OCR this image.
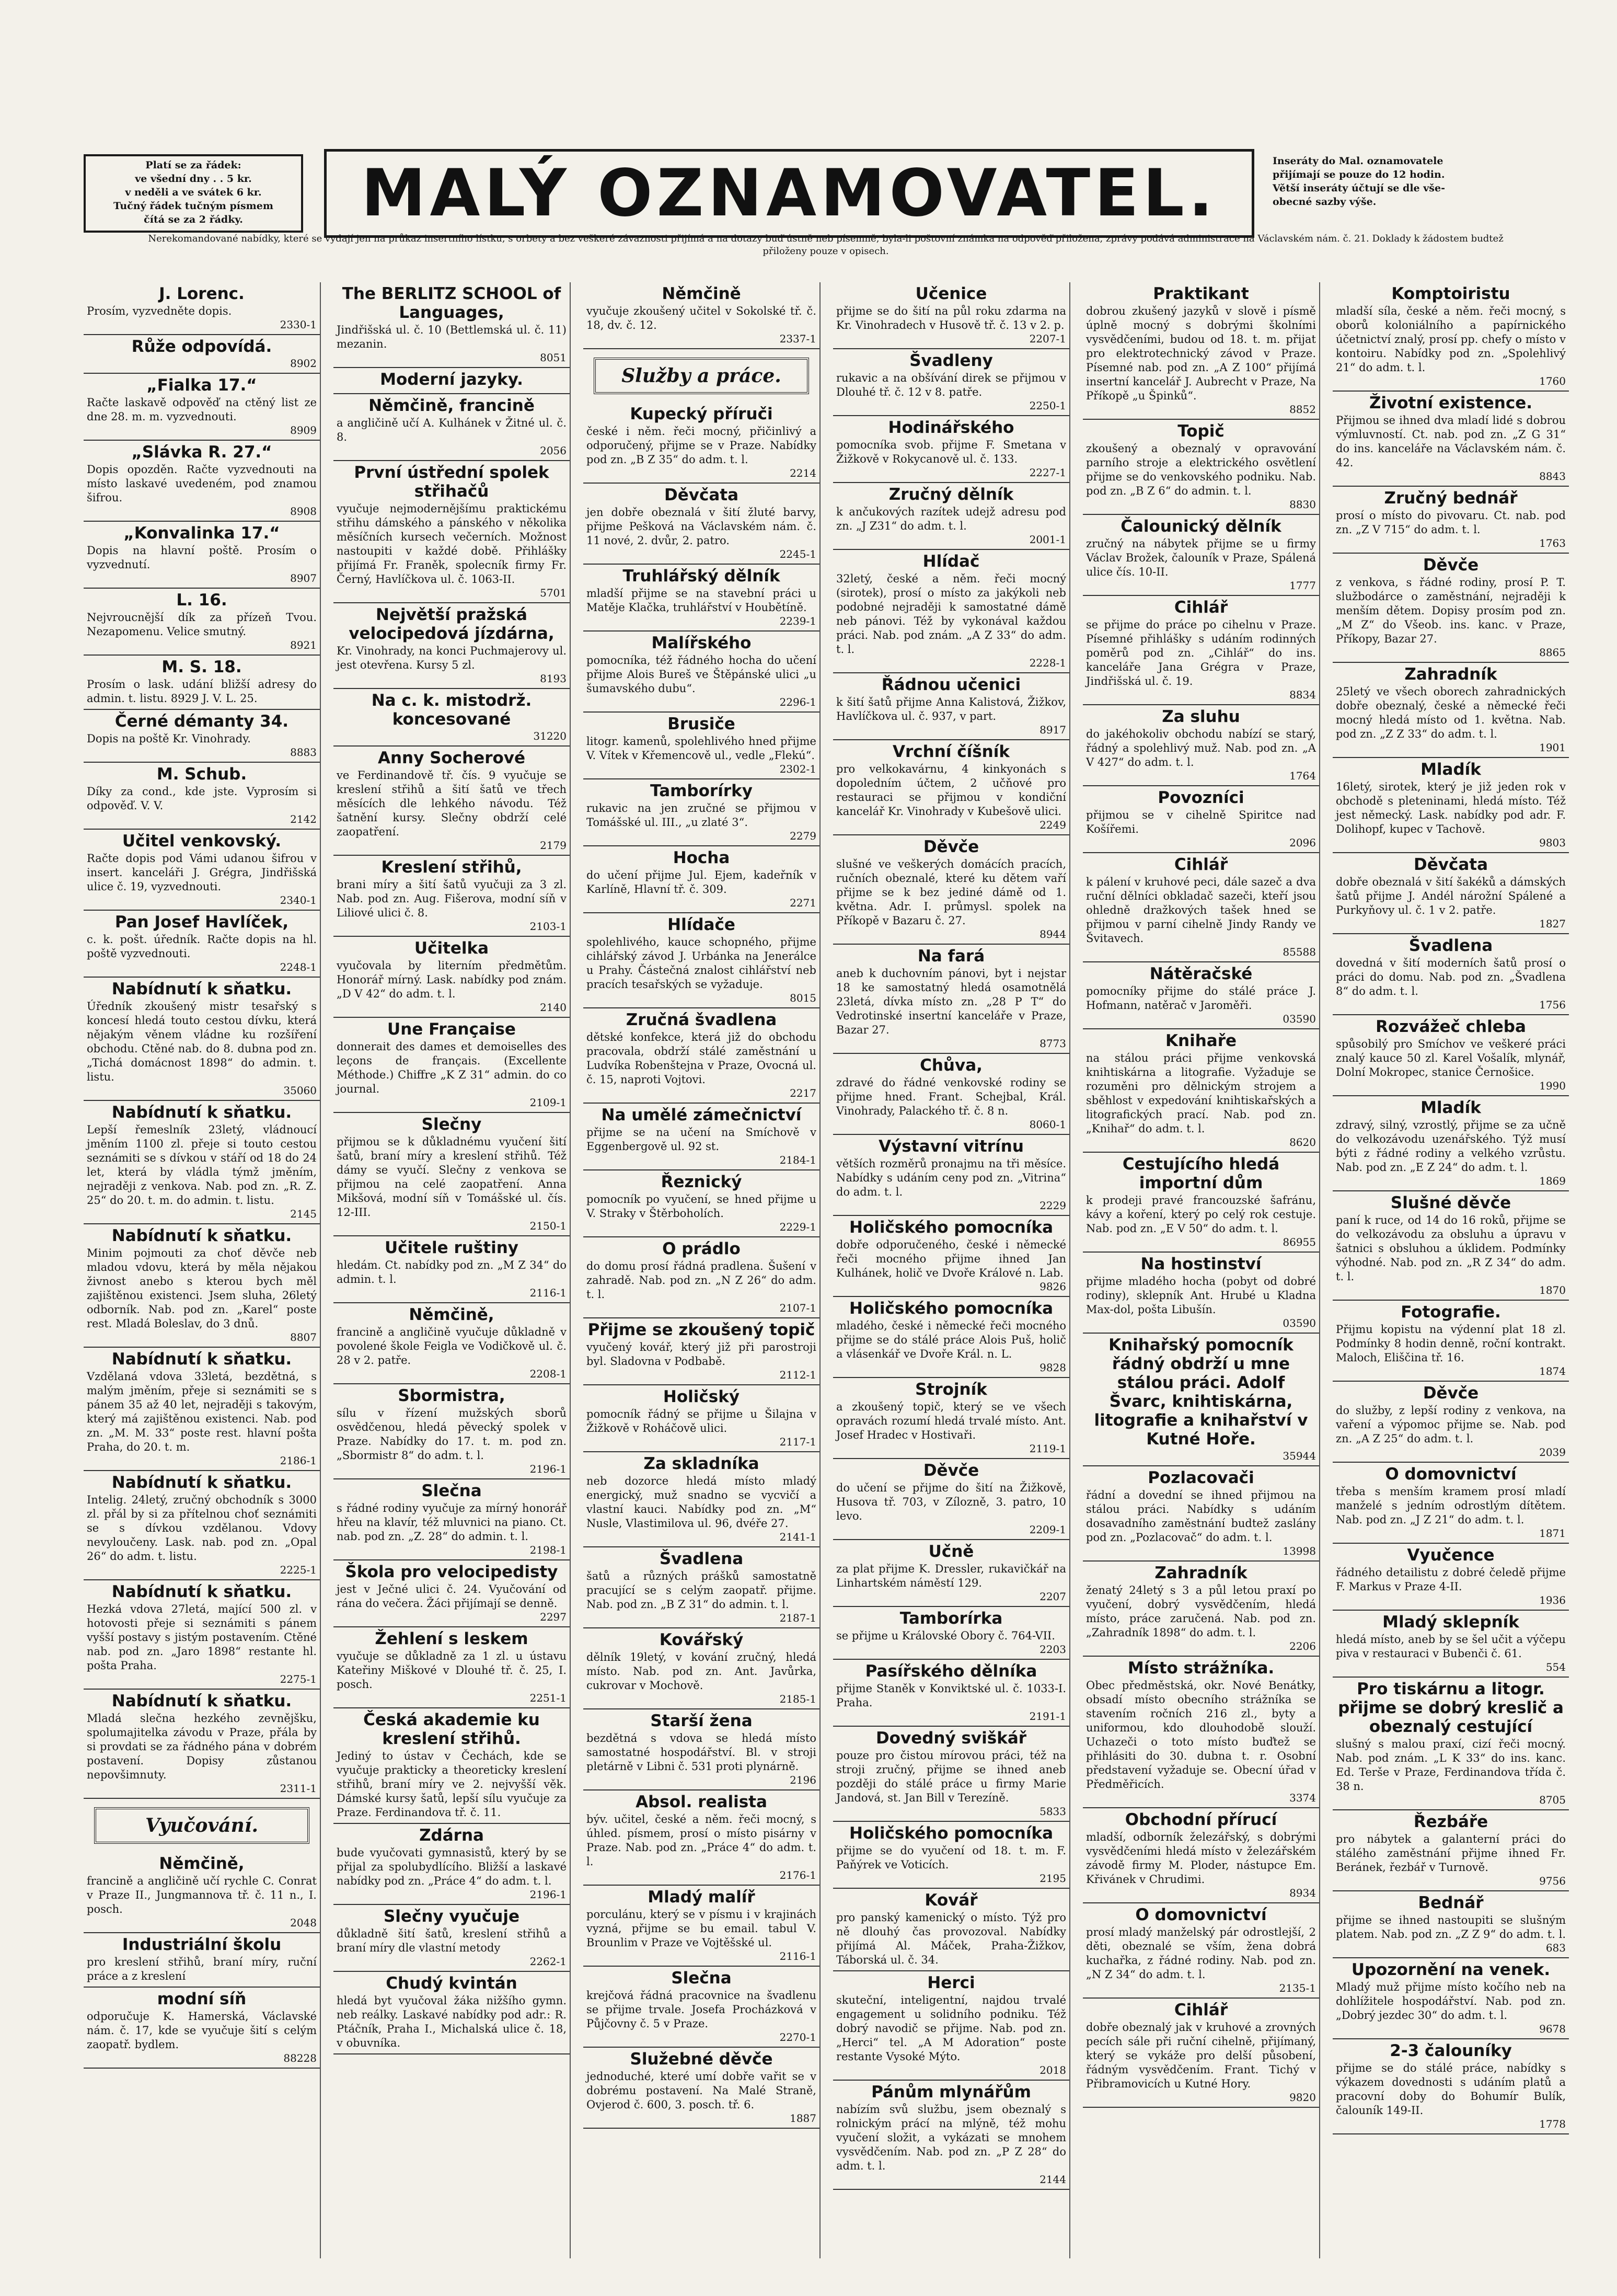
Platí se za řádek:
ve všední dny . . 5 kr.
v neděli a ve svátek 6 kr.
Tučný řádek tučným písmem
čítá se za 2 řádky.	MALÝ OZNAMOVATEL.	Inseráty do Mal. oznamovatele
přijímají se pouze do 12 hodin.
Větší inseráty účtují se dle vše-
obecné sazby výše.
Nerekomandované nabídky, které se vydají jen na průkaz insertního lístku, s orbety a bez veškeré závaznosti přijímá a na dotazy buď ústně neb písemně, byla-li poštovní známka na odpověď přiložena, zprávy podává administrace na Václavském nám. č. 21. Doklady k žádostem budtež přiloženy pouze v opisech.
J. Lorenc.

Prosím, vyzvedněte dopis.

2330-1
Růže odpovídá.
8902
„Fialka 17.“

Račte laskavě odpověď na ctěný list ze dne 28. m. m. vyzvednouti.

8909
„Slávka R. 27.“

Dopis opozděn. Račte vyzvednouti na místo laskavé uvedeném, pod znamou šifrou.

8908
„Konvalinka 17.“

Dopis na hlavní poště. Prosím o vyzvednutí.

8907
L. 16.

Nejvroucnější dík za přízeň Tvou. Nezapomenu. Velice smutný.

8921
M. S. 18.

Prosím o lask. udání bližší adresy do admin. t. listu. 8929 J. V. L. 25.

Černé démanty 34.

Dopis na poště Kr. Vinohrady.

8883
M. Schub.

Díky za cond., kde jste. Vyprosím si odpověď. V. V.

2142
Učitel venkovský.

Račte dopis pod Vámi udanou šifrou v insert. kanceláři J. Grégra, Jindřišská ulice č. 19, vyzvednouti.

2340-1
Pan Josef Havlíček,

c. k. pošt. úředník. Račte dopis na hl. poště vyzvednouti.

2248-1
Nabídnutí k sňatku.

Úředník zkoušený mistr tesařský s koncesí hledá touto cestou dívku, která nějakým věnem vládne ku rozšíření obchodu. Ctěné nab. do 8. dubna pod zn. „Tichá domácnost 1898“ do admin. t. listu.

35060
Nabídnutí k sňatku.

Lepší řemeslník 23letý, vládnoucí jměním 1100 zl. přeje si touto cestou seznámiti se s dívkou v stáří od 18 do 24 let, která by vládla týmž jměním, nejraději z venkova. Nab. pod zn. „R. Z. 25“ do 20. t. m. do admin. t. listu.

2145
Nabídnutí k sňatku.

Minim pojmouti za choť děvče neb mladou vdovu, která by měla nějakou živnost anebo s kterou bych měl zajištěnou existenci. Jsem sluha, 26letý odborník. Nab. pod zn. „Karel“ poste rest. Mladá Boleslav, do 3 dnů.

8807
Nabídnutí k sňatku.

Vzdělaná vdova 33letá, bezdětná, s malým jměním, přeje si seznámiti se s pánem 35 až 40 let, nejraději s takovým, který má zajištěnou existenci. Nab. pod zn. „M. M. 33“ poste rest. hlavní pošta Praha, do 20. t. m.

2186-1
Nabídnutí k sňatku.

Intelig. 24letý, zručný obchodník s 3000 zl. přál by si za přítelnou choť seznámiti se s dívkou vzdělanou. Vdovy nevyloučeny. Lask. nab. pod zn. „Opal 26“ do adm. t. listu.

2225-1
Nabídnutí k sňatku.

Hezká vdova 27letá, mající 500 zl. v hotovosti přeje si seznámiti s pánem vyšší postavy s jistým postavením. Ctěné nab. pod zn. „Jaro 1898“ restante hl. pošta Praha.

2275-1
Nabídnutí k sňatku.

Mladá slečna hezkého zevnějšku, spolumajitelka závodu v Praze, přála by si provdati se za řádného pána v dobrém postavení. Dopisy zůstanou nepovšimnuty.

2311-1
Vyučování.
Němčině,

francině a angličině učí rychle C. Conrat v Praze II., Jungmannova tř. č. 11 n., I. posch.

2048
Industriální školu

pro kreslení střihů, braní míry, ruční práce a z kreslení

modní síň

odporučuje K. Hamerská, Václavské nám. č. 17, kde se vyučuje šití s celým zaopatř. bydlem.

88228
The BERLITZ SCHOOL of Languages,

Jindřišská ul. č. 10 (Bettlemská ul. č. 11) mezanin.

8051
Moderní jazyky.
Němčině, francině

a angličině učí A. Kulhánek v Žitné ul. č. 8.

2056
První ústřední spolek střihačů

vyučuje nejmodernějšímu praktickému střihu dámského a pánského v několika měsíčních kursech večerních. Možnost nastoupiti v každé době. Přihlášky přijímá Fr. Franěk, spolecník firmy Fr. Černý, Havlíčkova ul. č. 1063-II.

5701
Největší pražská velocipedová jízdárna,

Kr. Vinohrady, na konci Puchmajerovy ul. jest otevřena. Kursy 5 zl.

8193
Na c. k. mistodrž. koncesované
31220
Anny Socherové

ve Ferdinandově tř. čís. 9 vyučuje se kreslení střihů a šití šatů ve třech měsících dle lehkého návodu. Též šatnění kursy. Slečny obdrží celé zaopatření.

2179
Kreslení střihů,

brani míry a šití šatů vyučuji za 3 zl. Nab. pod zn. Aug. Fišerova, modní síň v Liliové ulici č. 8.

2103-1
Učitelka

vyučovala by literním předmětům. Honorář mírný. Lask. nabídky pod znám. „D V 42“ do adm. t. l.

2140
Une Française

donnerait des dames et demoiselles des leçons de français. (Excellente Méthode.) Chiffre „K Z 31“ admin. do co journal.

2109-1
Slečny

přijmou se k důkladnému vyučení šití šatů, braní míry a kreslení střihů. Též dámy se vyučí. Slečny z venkova se přijmou na celé zaopatření. Anna Mikšová, modní síň v Tomášské ul. čís. 12-III.

2150-1
Učitele ruštiny

hledám. Ct. nabídky pod zn. „M Z 34“ do admin. t. l.

2116-1
Němčině,

francině a angličině vyučuje důkladně v povolené škole Feigla ve Vodičkově ul. č. 28 v 2. patře.

2208-1
Sbormistra,

sílu v řízení mužských sborů osvědčenou, hledá pěvecký spolek v Praze. Nabídky do 17. t. m. pod zn. „Sbormistr 8“ do adm. t. l.

2196-1
Slečna

s řádné rodiny vyučuje za mírný honorář hřeu na klavír, též mluvnici na piano. Ct. nab. pod zn. „Z. 28“ do admin. t. l.

2198-1
Škola pro velocipedisty

jest v Ječné ulici č. 24. Vyučování od rána do večera. Žáci přijímají se denně.

2297
Žehlení s leskem

vyučuje se důkladně za 1 zl. u ústavu Kateřiny Miškové v Dlouhé tř. č. 25, I. posch.

2251-1
Česká akademie ku kreslení střihů.

Jediný to ústav v Čechách, kde se vyučuje prakticky a theoreticky kreslení střihů, braní míry ve 2. nejvyšší věk. Dámské kursy šatů, lepší sílu vyučuje za Praze. Ferdinandova tř. č. 11.

Zdárna

bude vyučovati gymnasistů, který by se přijal za spolubydlícího. Bližší a laskavé nabídky pod zn. „Práce 4“ do adm. t. l.

2196-1
Slečny vyučuje

důkladně šití šatů, kreslení střihů a braní míry dle vlastní metody

2262-1
Chudý kvintán

hledá byt vyučoval žáka nižšího gymn. neb reálky. Laskavé nabídky pod adr.: R. Ptáčník, Praha I., Michalská ulice č. 18, v obuvníka.

Němčině

vyučuje zkoušený učitel v Sokolské tř. č. 18, dv. č. 12.

2337-1
Služby a práce.
Kupecký příruči

české i něm. řeči mocný, přičinlivý a odporučený, přijme se v Praze. Nabídky pod zn. „B Z 35“ do adm. t. l.

2214
Děvčata

jen dobře obeznalá v šití žluté barvy, přijme Pešková na Václavském nám. č. 11 nové, 2. dvůr, 2. patro.

2245-1
Truhlářský dělník

mladší přijme se na stavební práci u Matěje Klačka, truhlářství v Houbětíně.

2239-1
Malířského

pomocníka, též řádného hocha do učení přijme Alois Bureš ve Štěpánské ulici „u šumavského dubu“.

2296-1
Brusiče

litogr. kamenů, spolehlivého hned přijme V. Vítek v Křemencově ul., vedle „Flekú“.

2302-1
Tamborírky

rukavic na jen zručné se přijmou v Tomášské ul. III., „u zlaté 3“.

2279
Hocha

do učení přijme Jul. Ejem, kadeřník v Karlíně, Hlavní tř. č. 309.

2271
Hlídače

spolehlivého, kauce schopného, přijme cihlářský závod J. Urbánka na Jenerálce u Prahy. Částečná znalost cihlářství neb pracích tesařských se vyžaduje.

8015
Zručná švadlena

dětské konfekce, která již do obchodu pracovala, obdrží stálé zaměstnání u Ludvíka Robenštejna v Praze, Ovocná ul. č. 15, naproti Vojtovi.

2217
Na umělé zámečnictví

přijme se na učení na Smíchově v Eggenbergově ul. 92 st.

2184-1
Řeznický

pomocník po vyučení, se hned přijme u V. Straky v Štěrboholích.

2229-1
O prádlo

do domu prosí řádná pradlena. Šušení v zahradě. Nab. pod zn. „N Z 26“ do adm. t. l.

2107-1
Přijme se zkoušený topič

vyučený kovář, který již při parostroji byl. Sladovna v Podbabě.

2112-1
Holičský

pomocník řádný se přijme u Šilajna v Žižkově v Roháčově ulici.

2117-1
Za skladníka

neb dozorce hledá místo mladý energický, muž snadno se vycvičí a vlastní kauci. Nabídky pod zn. „M“ Nusle, Vlastimilova ul. 96, dvéře 27.

2141-1
Švadlena

šatů a různých prášků samostatně pracující se s celým zaopatř. přijme. Nab. pod zn. „B Z 31“ do admin. t. l.

2187-1
Kovářský

dělník 19letý, v kování zručný, hledá místo. Nab. pod zn. Ant. Javůrka, cukrovar v Mochově.

2185-1
Starší žena

bezdětná s vdova se hledá místo samostatné hospodářství. Bl. v stroji pletárně v Libni č. 531 proti plynárně.

2196
Absol. realista

býv. učitel, české a něm. řeči mocný, s úhled. písmem, prosí o místo pisárny v Praze. Nab. pod zn. „Práce 4“ do adm. t. l.

2176-1
Mladý malíř

porculánu, který se v písmu i v krajinách vyzná, přijme se bu email. tabul V. Brounlim v Praze ve Vojtěšské ul.

2116-1
Slečna

krejčová řádná pracovnice na švadlenu se přijme trvale. Josefa Procházková v Půjčovny č. 5 v Praze.

2270-1
Služebné děvče

jednoduché, které umí dobře vařit se v dobrému postavení. Na Malé Straně, Ovjerod č. 600, 3. posch. tř. 6.

1887
Učenice

přijme se do šití na půl roku zdarma na Kr. Vinohradech v Husově tř. č. 13 v 2. p.

2207-1
Švadleny

rukavic a na obšívání direk se přijmou v Dlouhé tř. č. 12 v 8. patře.

2250-1
Hodinářského

pomocníka svob. přijme F. Smetana v Žižkově v Rokycanově ul. č. 133.

2227-1
Zručný dělník

k ančukových razítek udejž adresu pod zn. „J Z31“ do adm. t. l.

2001-1
Hlídač

32letý, české a něm. řeči mocný (sirotek), prosí o místo za jakýkoli neb podobné nejraději k samostatné dámě neb pánovi. Též by vykonával každou práci. Nab. pod znám. „A Z 33“ do adm. t. l.

2228-1
Řádnou učenici

k šití šatů přijme Anna Kalistová, Žižkov, Havlíčkova ul. č. 937, v part.

8917
Vrchní číšník

pro velkokavárnu, 4 kinkyonách s dopoledním účtem, 2 učňové pro restauraci se přijmou v kondiční kancelář Kr. Vinohrady v Kubešově ulici.

2249
Děvče

slušné ve veškerých domácích pracích, ručních obeznalé, které ku dětem vaří přijme se k bez jediné dámě od 1. května. Adr. I. průmysl. spolek na Příkopě v Bazaru č. 27.

8944
Na fará

aneb k duchovním pánovi, byt i nejstar 18 ke samostatný hledá osamotnělá 23letá, dívka místo zn. „28 P T“ do Vedrotinské insertní kanceláře v Praze, Bazar 27.

8773
Chůva,

zdravé do řádné venkovské rodiny se přijme hned. Frant. Schejbal, Král. Vinohrady, Palackého tř. č. 8 n.

8060-1
Výstavní vitrínu

větších rozměrů pronajmu na tři měsíce. Nabídky s udáním ceny pod zn. „Vitrina“ do adm. t. l.

2229
Holičského pomocníka

dobře odporučeného, české i německé řeči mocného přijme ihned Jan Kulhánek, holič ve Dvoře Králové n. Lab.

9826
Holičského pomocníka

mladého, české i německé řeči mocného přijme se do stálé práce Alois Puš, holič a vlásenkář ve Dvoře Král. n. L.

9828
Strojník

a zkoušený topič, který se ve všech opravách rozumí hledá trvalé místo. Ant. Josef Hradec v Hostivaři.

2119-1
Děvče

do učení se přijme do šití na Žižkově, Husova tř. 703, v Zílozně, 3. patro, 10 levo.

2209-1
Učně

za plat přijme K. Dressler, rukavičkář na Linhartském náměstí 129.

2207
Tamborírka

se přijme u Královské Obory č. 764-VII.

2203
Pasířského dělníka

přijme Staněk v Konviktské ul. č. 1033-I. Praha.

2191-1
Dovedný sviškář

pouze pro čistou mírovou práci, též na stroji zručný, přijme se ihned aneb později do stálé práce u firmy Marie Jandová, st. Jan Bill v Terezíně.

5833
Holičského pomocníka

přijme se do vyučení od 18. t. m. F. Paňýrek ve Voticích.

2195
Kovář

pro panský kamenický o místo. Týž pro ně dlouhý čas provozoval. Nabídky přijímá Al. Máček, Praha-Žižkov, Táborská ul. č. 34.

Herci

skuteční, inteligentní, najdou trvalé engagement u solidního podniku. Též dobrý navodič se přijme. Nab. pod zn. „Herci“ tel. „A M Adoration“ poste restante Vysoké Mýto.

2018
Pánům mlynářům

nabízím svů službu, jsem obeznalý s rolnickým prácí na mlýně, též mohu vyučení složit, a vykázati se mnohem vysvědčením. Nab. pod zn. „P Z 28“ do adm. t. l.

2144
Praktikant

dobrou zkušený jazyků v slově i písmě úplně mocný s dobrými školními vysvědčeními, budou od 18. t. m. přijat pro elektrotechnický závod v Praze. Písemné nab. pod zn. „A Z 100“ přijímá insertní kancelář J. Aubrecht v Praze, Na Příkopě „u Špinků“.

8852
Topič

zkoušený a obeznalý v opravování parního stroje a elektrického osvětlení přijme se do venkovského podniku. Nab. pod zn. „B Z 6“ do admin. t. l.

8830
Čalounický dělník

zručný na nábytek přijme se u firmy Václav Brožek, čalouník v Praze, Spálená ulice čís. 10-II.

1777
Cihlář

se přijme do práce po cihelnu v Praze. Písemné přihlášky s udáním rodinných poměrů pod zn. „Cihlář“ do ins. kanceláře Jana Grégra v Praze, Jindřišská ul. č. 19.

8834
Za sluhu

do jakéhokoliv obchodu nabízí se starý, řádný a spolehlivý muž. Nab. pod zn. „A V 427“ do adm. t. l.

1764
Povozníci

přijmou se v cihelně Spiritce nad Košířemi.

2096
Cihlář

k pálení v kruhové peci, dále sazeč a dva ruční dělníci obkladač sazeči, kteří jsou ohledně dražkových tašek hned se přijmou v parní cihelně Jindy Randy ve Švitavech.

85588
Nátěračské

pomocníky přijme do stálé práce J. Hofmann, natěrač v Jaroměři.

03590
Knihaře

na stálou práci přijme venkovská knihtiskárna a litografie. Vyžaduje se rozuměni pro dělnickým strojem a sběhlost v expedování knihtiskařských a litografických prací. Nab. pod zn. „Knihař“ do adm. t. l.

8620
Cestujícího hledá importní dům

k prodeji pravé francouzské šafránu, kávy a koření, který po celý rok cestuje. Nab. pod zn. „E V 50“ do adm. t. l.

86955
Na hostinství

přijme mladého hocha (pobyt od dobré rodiny), sklepník Ant. Hrubé u Kladna Max-dol, pošta Libušín.

03590
Knihařský pomocník řádný obdrží u mne stálou práci. Adolf Švarc, knihtiskárna, litografie a knihařství v Kutné Hoře.
35944
Pozlacovači

řádní a dovední se ihned přijmou na stálou práci. Nabídky s udáním dosavadního zaměstnání budtež zaslány pod zn. „Pozlacovač“ do adm. t. l.

13998
Zahradník

ženatý 24letý s 3 a půl letou praxí po vyučení, dobrý vysvědčením, hledá místo, práce zaručená. Nab. pod zn. „Zahradník 1898“ do adm. t. l.

2206
Místo strážníka.

Obec předměstská, okr. Nové Benátky, obsadí místo obecního strážníka se stavením ročních 216 zl., byty a uniformou, kdo dlouhodobě slouží. Uchazeči o toto místo buďtež se přihlásiti do 30. dubna t. r. Osobní představení vyžaduje se. Obecní úřad v Předměřicích.

3374
Obchodní přírucí

mladší, odborník železářský, s dobrými vysvědčeními hledá místo v železářském závodě firmy M. Ploder, nástupce Em. Křivánek v Chrudimi.

8934
O domovnictví

prosí mladý manželský pár odrostlejší, 2 děti, obeznalé se vším, žena dobrá kuchařka, z řádné rodiny. Nab. pod zn. „N Z 34“ do adm. t. l.

2135-1
Cihlář

dobře obeznalý jak v kruhové a zrovných pecích sále při ruční cihelně, přijímaný, který se vykáže pro delší působení, řádným vysvědčením. Frant. Tichý v Přibramovicích u Kutné Hory.

9820
Komptoiristu

mladší síla, české a něm. řeči mocný, s oborů koloniálního a papírnického účetnictví znalý, prosí pp. chefy o místo v kontoiru. Nabídky pod zn. „Spolehlivý 21“ do adm. t. l.

1760
Životní existence.

Přijmou se ihned dva mladí lidé s dobrou výmluvností. Ct. nab. pod zn. „Z G 31“ do ins. kanceláře na Václavském nám. č. 42.

8843
Zručný bednář

prosí o místo do pivovaru. Ct. nab. pod zn. „Z V 715“ do adm. t. l.

1763
Děvče

z venkova, s řádné rodiny, prosí P. T. službodárce o zaměstnání, nejraději k menším dětem. Dopisy prosím pod zn. „M Z“ do Všeob. ins. kanc. v Praze, Příkopy, Bazar 27.

8865
Zahradník

25letý ve všech oborech zahradnických dobře obeznalý, české a německé řeči mocný hledá místo od 1. května. Nab. pod zn. „Z Z 33“ do adm. t. l.

1901
Mladík

16letý, sirotek, který je již jeden rok v obchodě s pleteninami, hledá místo. Též jest německý. Lask. nabídky pod adr. F. Dolihopf, kupec v Tachově.

9803
Děvčata

dobře obeznalá v šití šakéků a dámských šatů přijme J. Andél nárožní Spálené a Purkyňovy ul. č. 1 v 2. patře.

1827
Švadlena

dovedná v šití moderních šatů prosí o práci do domu. Nab. pod zn. „Švadlena 8“ do adm. t. l.

1756
Rozvážeč chleba

spůsobilý pro Smíchov ve veškeré práci znalý kauce 50 zl. Karel Vošalík, mlynář, Dolní Mokropec, stanice Černošice.

1990
Mladík

zdravý, silný, vzrostlý, přijme se za učně do velkozávodu uzenářského. Týž musí býti z řádné rodiny a velkého vzrůstu. Nab. pod zn. „E Z 24“ do adm. t. l.

1869
Slušné děvče

paní k ruce, od 14 do 16 roků, přijme se do velkozávodu za obsluhu a úpravu v šatnici s obsluhou a úklidem. Podmínky výhodné. Nab. pod zn. „R Z 34“ do adm. t. l.

1870
Fotografie.

Přijmu kopistu na výdenní plat 18 zl. Podmínky 8 hodin denně, roční kontrakt. Maloch, Eliščina tř. 16.

1874
Děvče

do služby, z lepší rodiny z venkova, na vaření a výpomoc přijme se. Nab. pod zn. „A Z 25“ do adm. t. l.

2039
O domovnictví

třeba s menším kramem prosí mladí manželé s jedním odrostlým dítětem. Nab. pod zn. „J Z 21“ do adm. t. l.

1871
Vyučence

řádného detailistu z dobré čeledě přijme F. Markus v Praze 4-II.

1936
Mladý sklepník

hledá místo, aneb by se šel učit a výčepu piva v restauraci v Bubenči č. 61.

554
Pro tiskárnu a litogr. přijme se dobrý kreslič a obeznalý cestující

slušný s malou praxí, cizí řeči mocný. Nab. pod znám. „L K 33“ do ins. kanc. Ed. Terše v Praze, Ferdinandova třída č. 38 n.

8705
Řezbáře

pro nábytek a galanterní práci do stálého zaměstnání přijme ihned Fr. Beránek, řezbář v Turnově.

9756
Bednář

přijme se ihned nastoupiti se slušným platem. Nab. pod zn. „Z Z 9“ do adm. t. l.

683
Upozornění na venek.

Mladý muž přijme místo kočího neb na dohlížitele hospodářství. Nab. pod zn. „Dobrý jezdec 30“ do adm. t. l.

9678
2-3 čalouníky

přijme se do stálé práce, nabídky s výkazem dovednosti s udáním platů a pracovní doby do Bohumír Bulík, čalouník 149-II.

1778
